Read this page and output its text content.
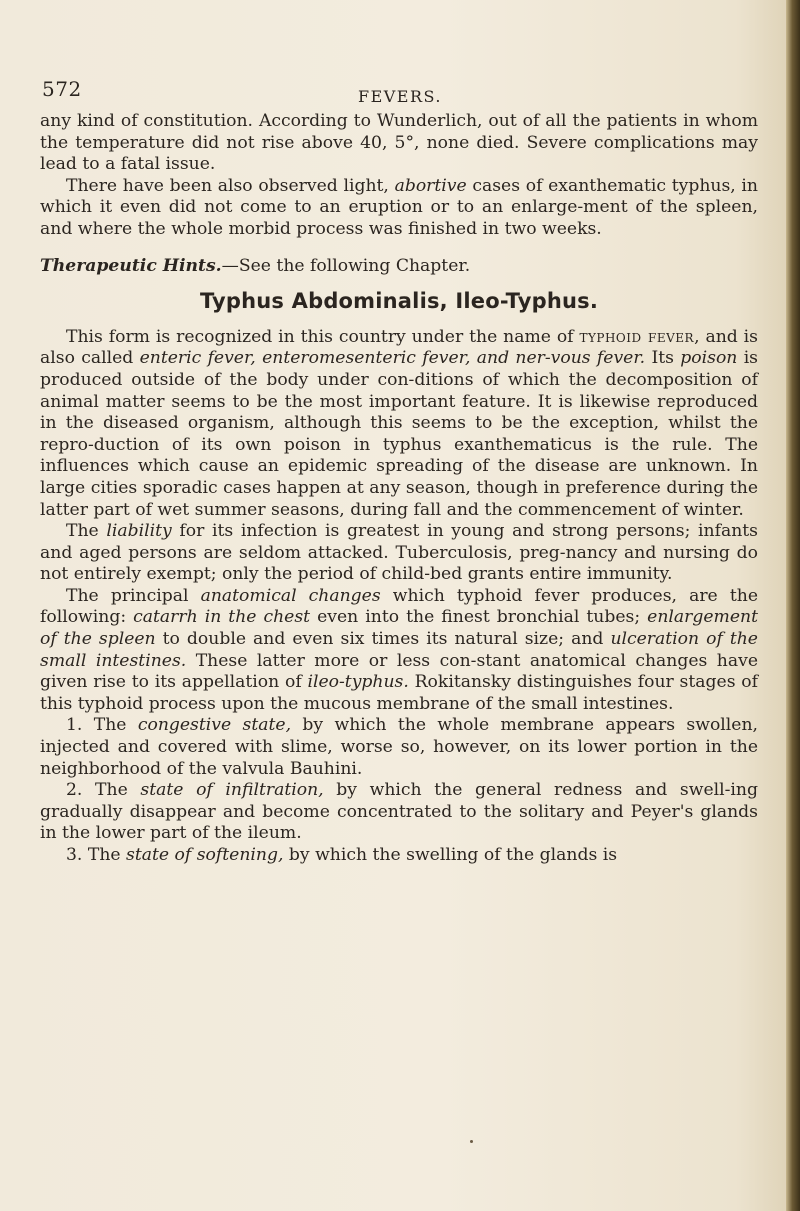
572	FEVERS.

any kind of constitution. According to Wunderlich, out of all the patients in whom the temperature did not rise above 40, 5°, none died. Severe complications may lead to a fatal issue.

There have been also observed light, abortive cases of exanthematic typhus, in which it even did not come to an eruption or to an enlarge-ment of the spleen, and where the whole morbid process was finished in two weeks.

Therapeutic Hints.—See the following Chapter.

Typhus Abdominalis, Ileo-Typhus.

This form is recognized in this country under the name of typhoid fever, and is also called enteric fever, enteromesenteric fever, and ner-vous fever. Its poison is produced outside of the body under con-ditions of which the decomposition of animal matter seems to be the most important feature. It is likewise reproduced in the diseased organism, although this seems to be the exception, whilst the repro-duction of its own poison in typhus exanthematicus is the rule. The influences which cause an epidemic spreading of the disease are unknown. In large cities sporadic cases happen at any season, though in preference during the latter part of wet summer seasons, during fall and the commencement of winter.

The liability for its infection is greatest in young and strong persons; infants and aged persons are seldom attacked. Tuberculosis, preg-nancy and nursing do not entirely exempt; only the period of child-bed grants entire immunity.

The principal anatomical changes which typhoid fever produces, are the following: catarrh in the chest even into the finest bronchial tubes; enlargement of the spleen to double and even six times its natural size; and ulceration of the small intestines. These latter more or less con-stant anatomical changes have given rise to its appellation of ileo-typhus. Rokitansky distinguishes four stages of this typhoid process upon the mucous membrane of the small intestines.

1. The congestive state, by which the whole membrane appears swollen, injected and covered with slime, worse so, however, on its lower portion in the neighborhood of the valvula Bauhini.

2. The state of infiltration, by which the general redness and swell-ing gradually disappear and become concentrated to the solitary and Peyer's glands in the lower part of the ileum.

3. The state of softening, by which the swelling of the glands is
